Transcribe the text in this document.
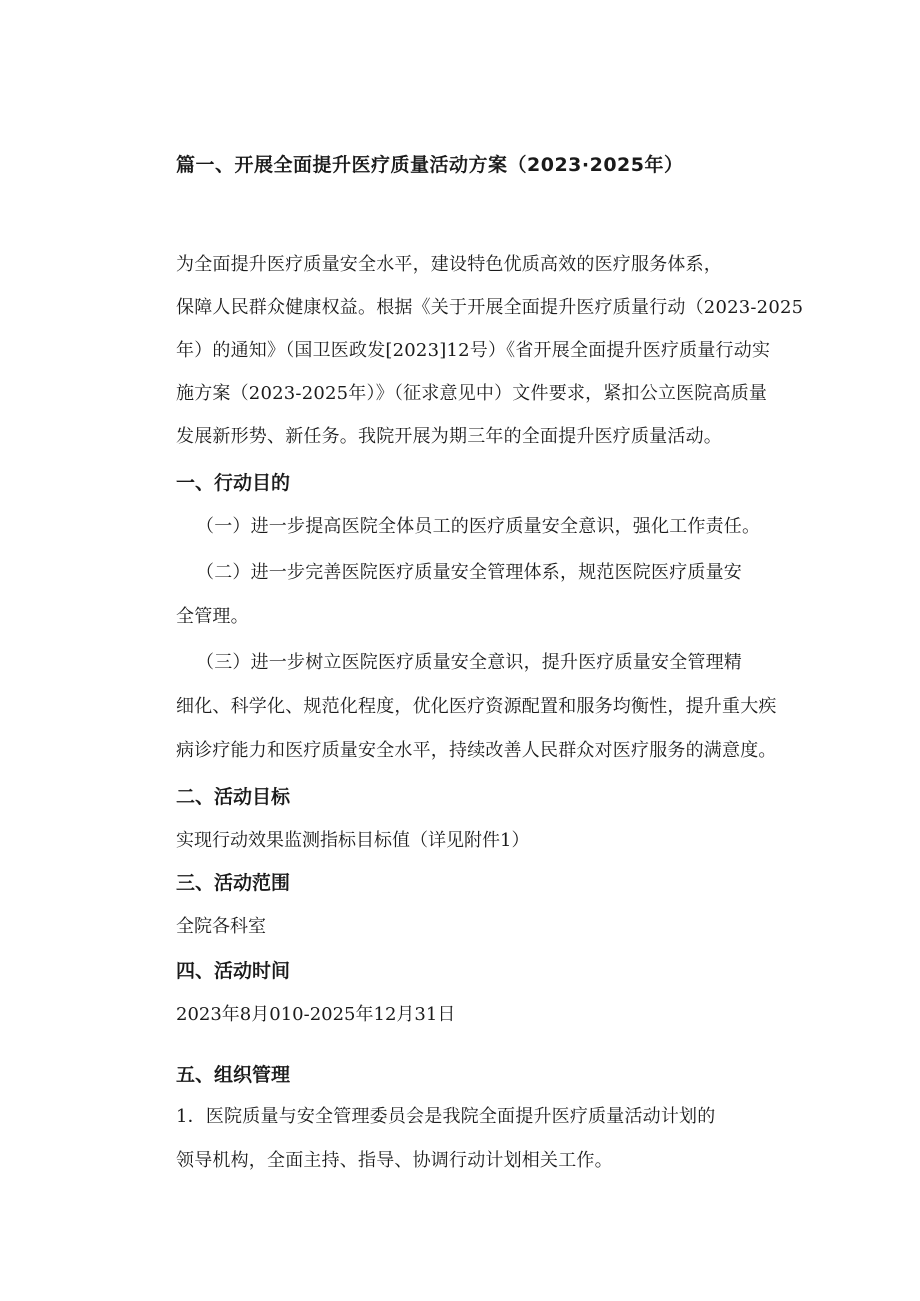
篇一、开展全面提升医疗质量活动方案（2023·2025年）
为全面提升医疗质量安全水平，建设特色优质高效的医疗服务体系，
保障人民群众健康权益。根据《关于开展全面提升医疗质量行动（2023-2025
年）的通知》（国卫医政发[2023]12号）《省开展全面提升医疗质量行动实
施方案（2023-2025年）》（征求意见中）文件要求，紧扣公立医院高质量
发展新形势、新任务。我院开展为期三年的全面提升医疗质量活动。
一、行动目的
（一）进一步提高医院全体员工的医疗质量安全意识，强化工作责任。
（二）进一步完善医院医疗质量安全管理体系，规范医院医疗质量安
全管理。
（三）进一步树立医院医疗质量安全意识，提升医疗质量安全管理精
细化、科学化、规范化程度，优化医疗资源配置和服务均衡性，提升重大疾
病诊疗能力和医疗质量安全水平，持续改善人民群众对医疗服务的满意度。
二、活动目标
实现行动效果监测指标目标值（详见附件1）
三、活动范围
全院各科室
四、活动时间
2023年8月010-2025年12月31日
五、组织管理
1．医院质量与安全管理委员会是我院全面提升医疗质量活动计划的
领导机构，全面主持、指导、协调行动计划相关工作。
